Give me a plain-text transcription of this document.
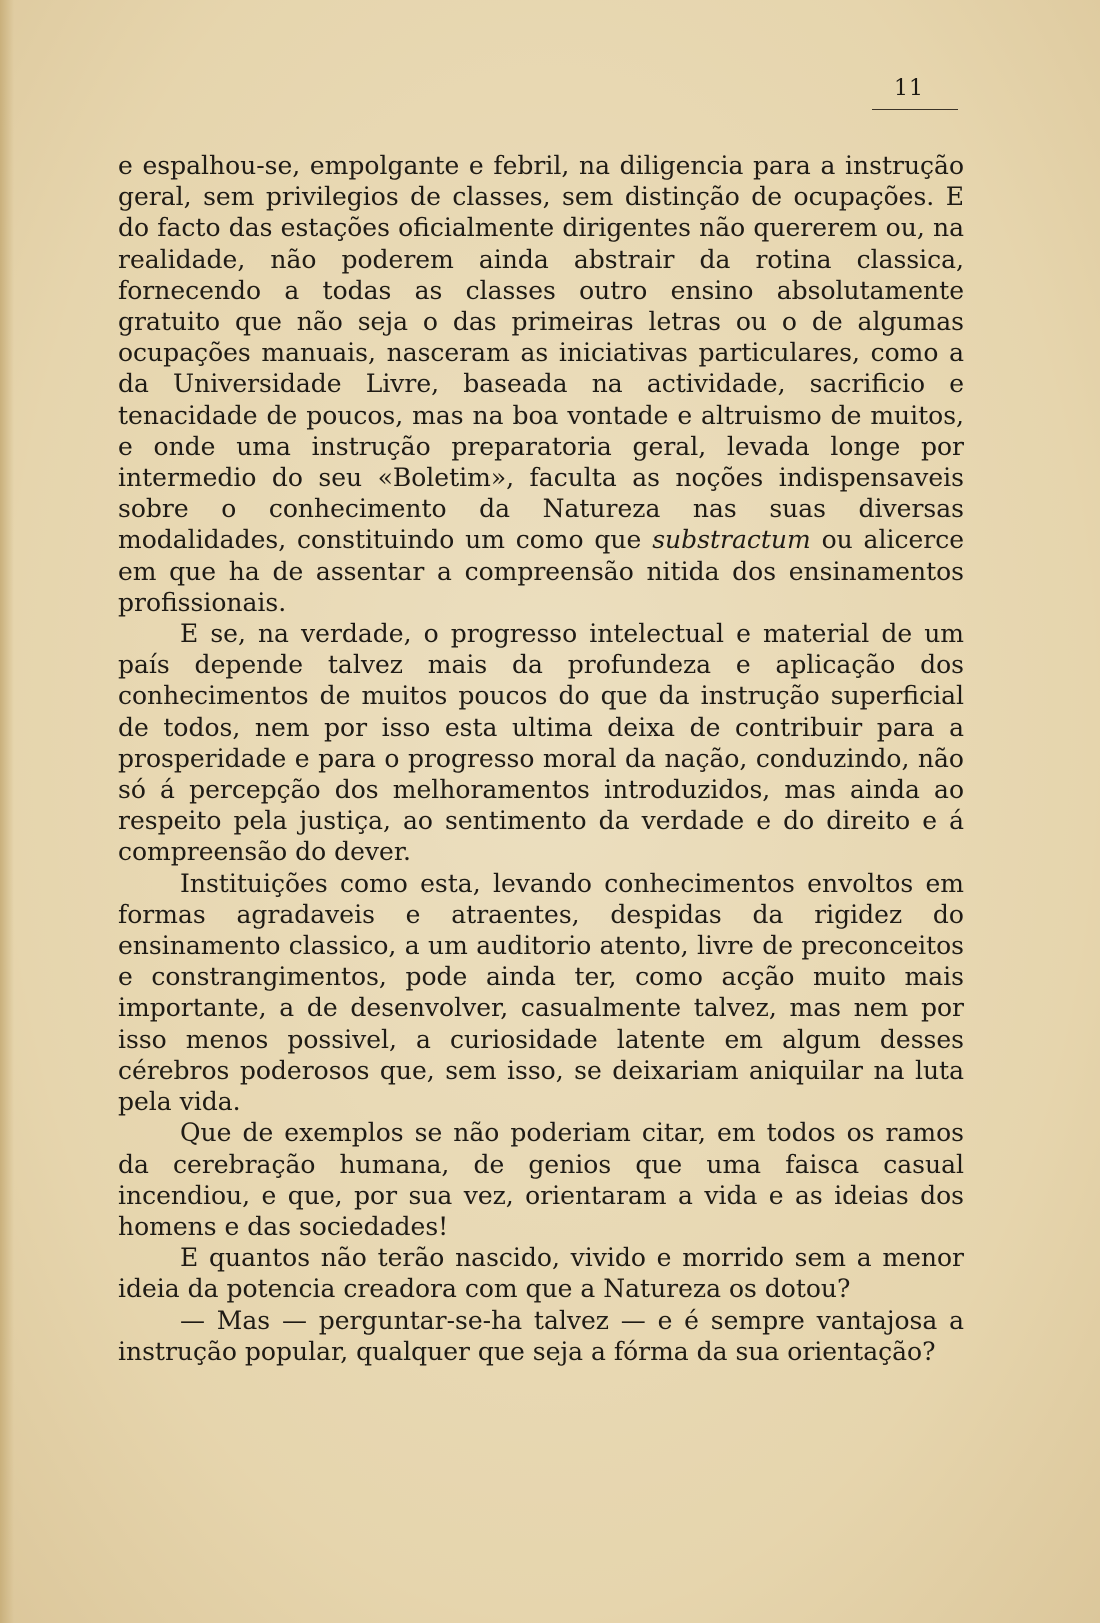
11

e espalhou-se, empolgante e febril, na diligencia para a instrução geral, sem privilegios de classes, sem distinção de ocupações. E do facto das estações oficialmente dirigentes não quererem ou, na realidade, não poderem ainda abstrair da rotina classica, fornecendo a todas as classes outro ensino absolutamente gratuito que não seja o das primeiras letras ou o de algumas ocupações manuais, nasceram as iniciativas particulares, como a da Universidade Livre, baseada na actividade, sacrificio e tenacidade de poucos, mas na boa vontade e altruismo de muitos, e onde uma instrução preparatoria geral, levada longe por intermedio do seu «Boletim», faculta as noções indispensaveis sobre o conhecimento da Natureza nas suas diversas modalidades, constituindo um como que substractum ou alicerce em que ha de assentar a compreensão nitida dos ensinamentos profissionais.

E se, na verdade, o progresso intelectual e material de um país depende talvez mais da profundeza e aplicação dos conhecimentos de muitos poucos do que da instrução superficial de todos, nem por isso esta ultima deixa de contribuir para a prosperidade e para o progresso moral da nação, conduzindo, não só á percepção dos melhoramentos introduzidos, mas ainda ao respeito pela justiça, ao sentimento da verdade e do direito e á compreensão do dever.

Instituições como esta, levando conhecimentos envoltos em formas agradaveis e atraentes, despidas da rigidez do ensinamento classico, a um auditorio atento, livre de preconceitos e constrangimentos, pode ainda ter, como acção muito mais importante, a de desenvolver, casualmente talvez, mas nem por isso menos possivel, a curiosidade latente em algum desses cérebros poderosos que, sem isso, se deixariam aniquilar na luta pela vida.

Que de exemplos se não poderiam citar, em todos os ramos da cerebração humana, de genios que uma faisca casual incendiou, e que, por sua vez, orientaram a vida e as ideias dos homens e das sociedades!

E quantos não terão nascido, vivido e morrido sem a menor ideia da potencia creadora com que a Natureza os dotou?

— Mas — perguntar-se-ha talvez — e é sempre vantajosa a instrução popular, qualquer que seja a fórma da sua orientação?
